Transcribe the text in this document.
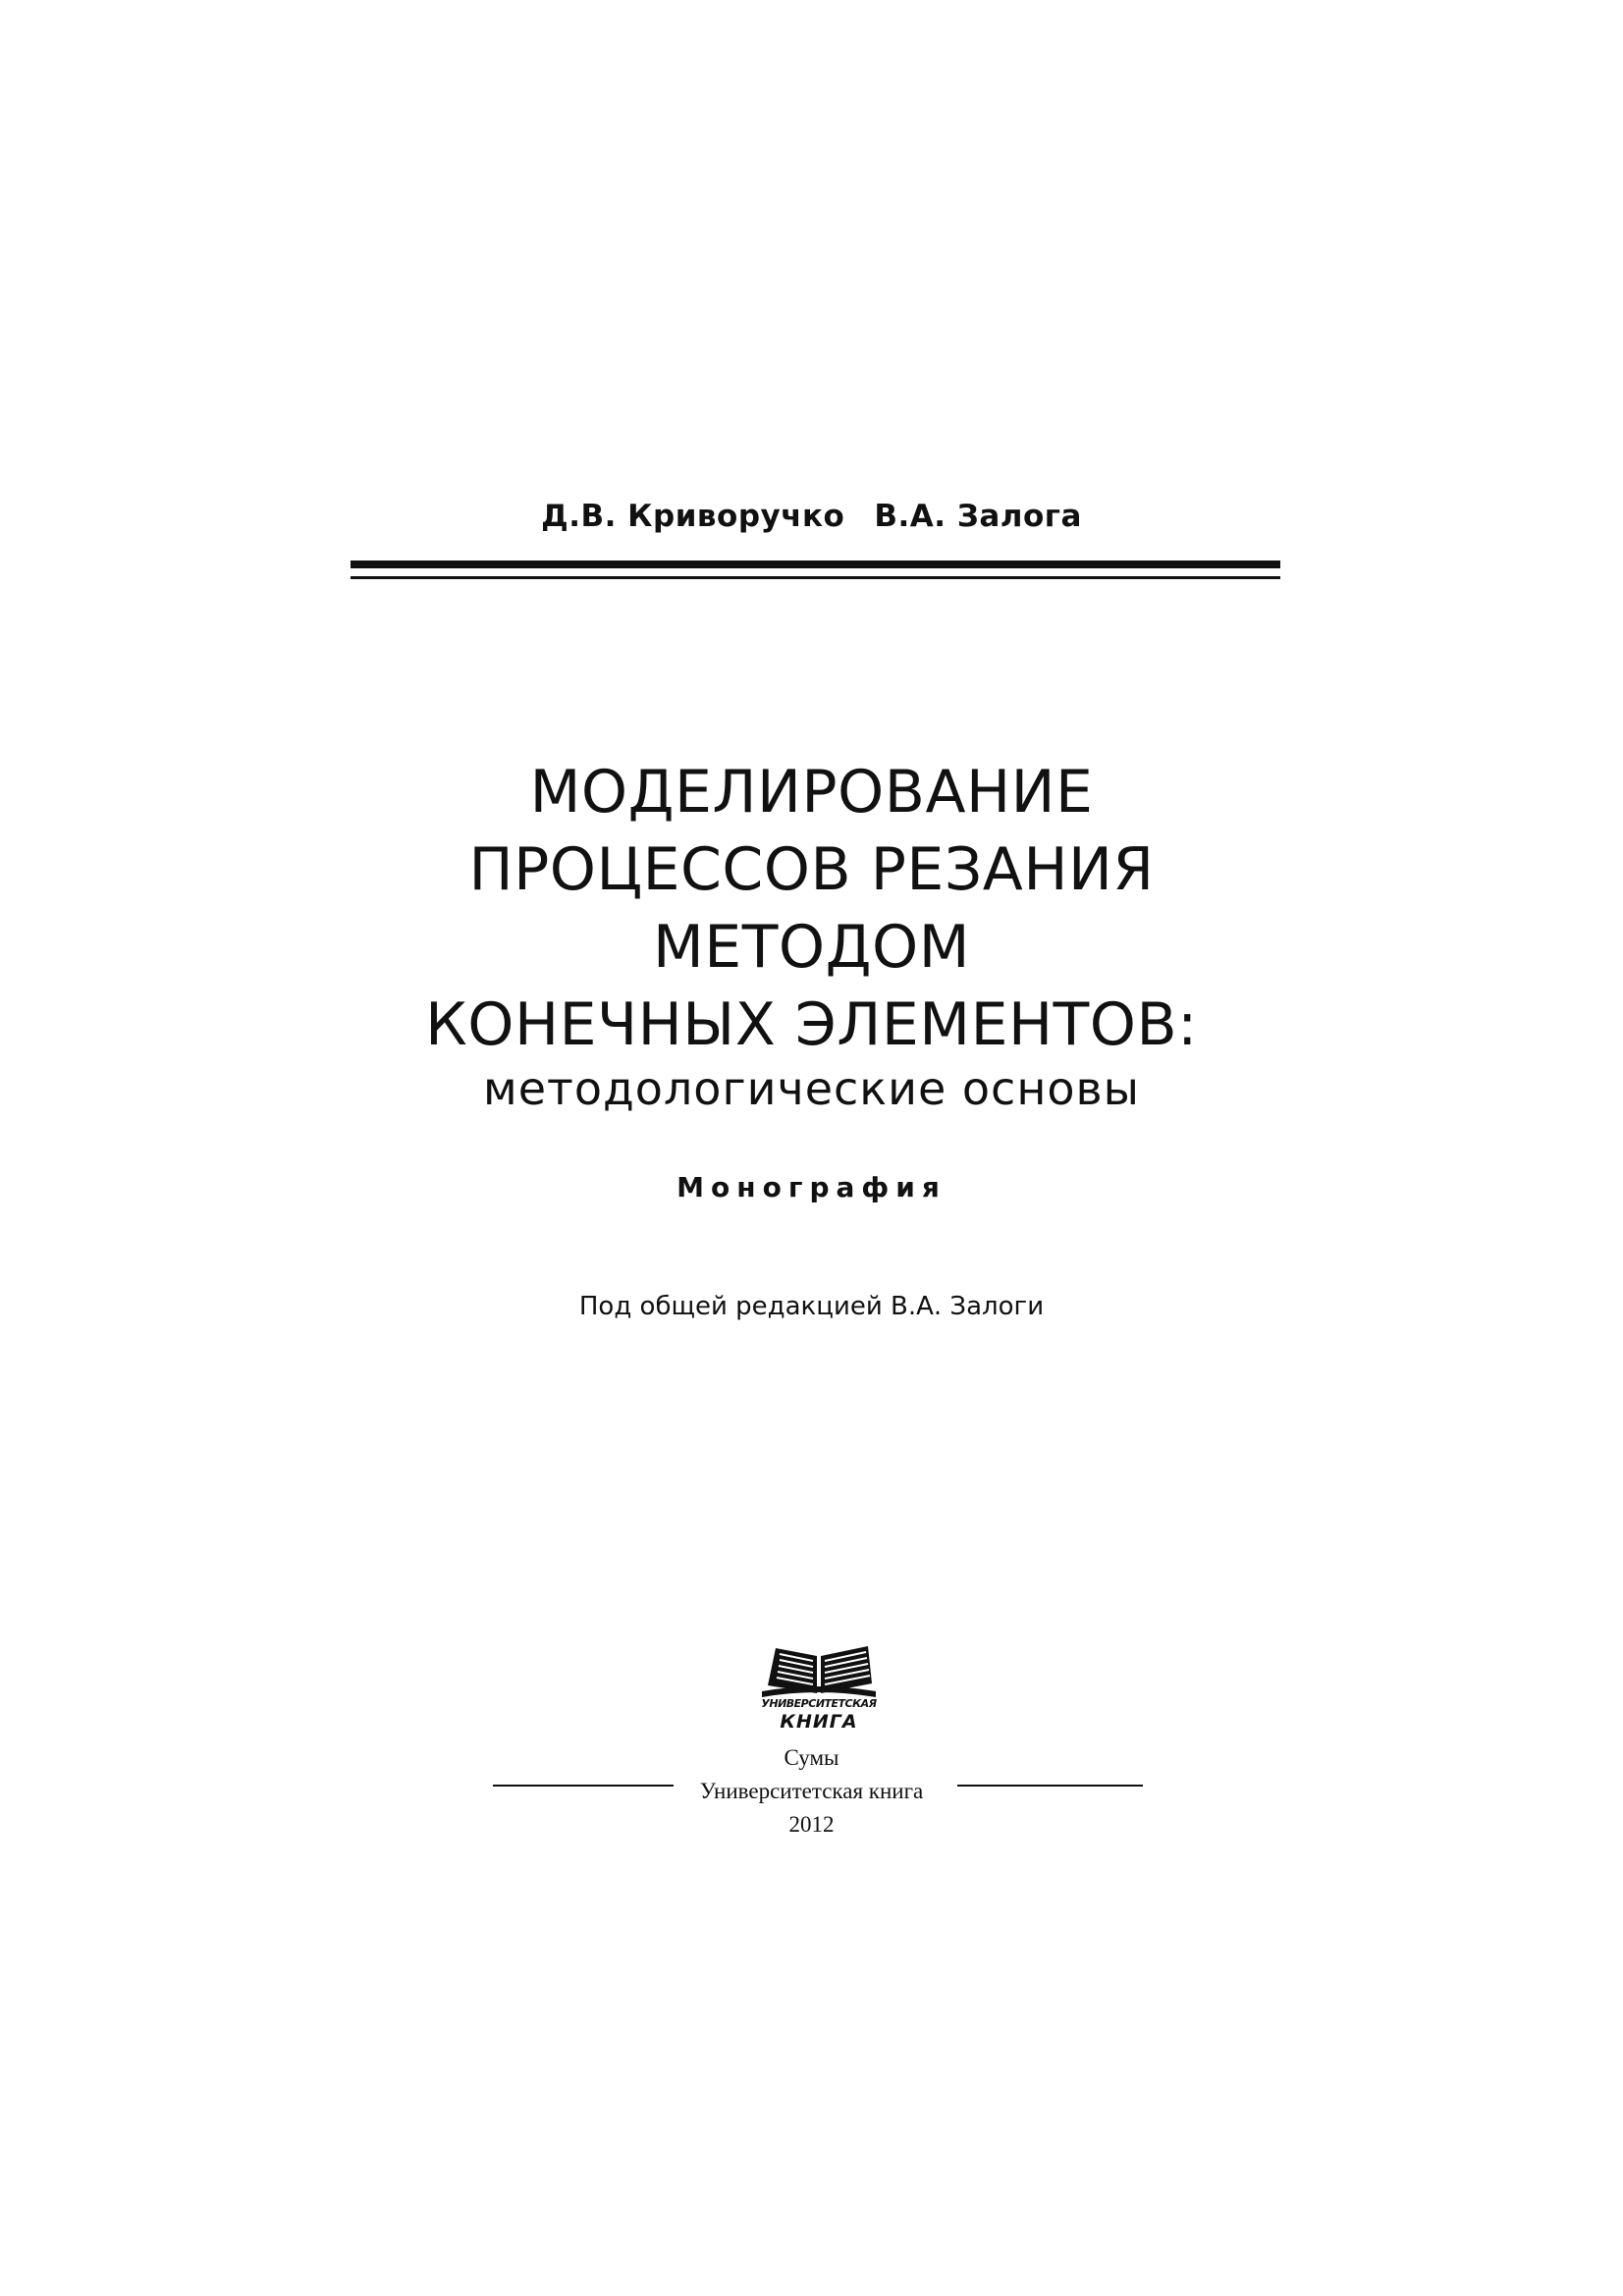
Д.В. Криворучко В.А. Залога
МОДЕЛИРОВАНИЕ
ПРОЦЕССОВ РЕЗАНИЯ
МЕТОДОМ
КОНЕЧНЫХ ЭЛЕМЕНТОВ:
методологические основы
Монография
Под общей редакцией В.А. Залоги
УНИВЕРСИТЕТСКАЯ
КНИГА
Сумы
Университетская книга
2012
